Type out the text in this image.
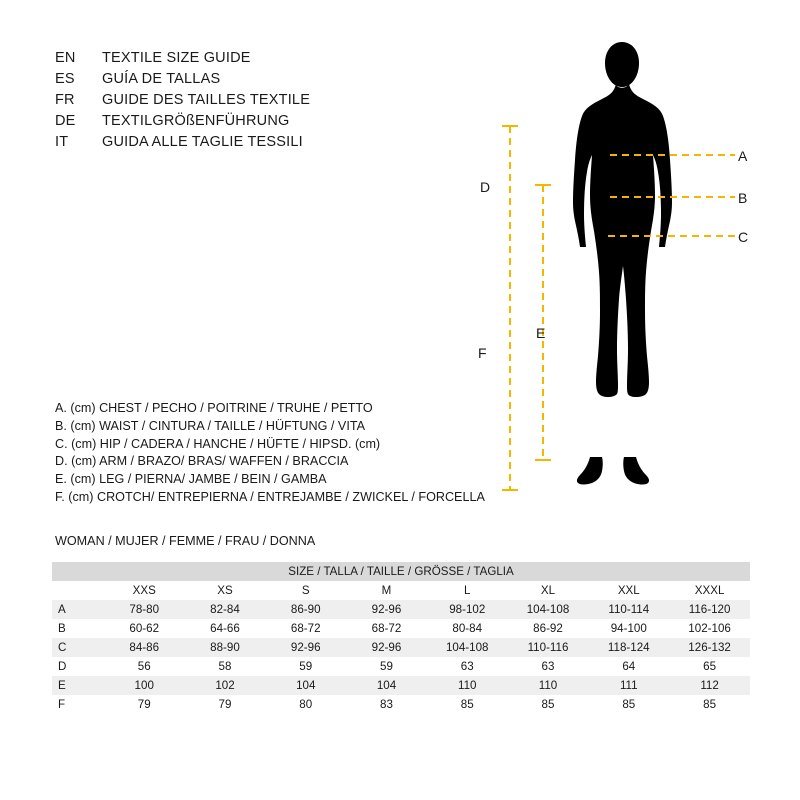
EN	TEXTILE SIZE GUIDE
ES	GUÍA DE TALLAS
FR	GUIDE DES TAILLES TEXTILE
DE	TEXTILGRÖßENFÜHRUNG
IT	GUIDA ALLE TAGLIE TESSILI
A. (cm) CHEST / PECHO / POITRINE / TRUHE / PETTO
B. (cm) WAIST / CINTURA / TAILLE / HÜFTUNG / VITA
C. (cm) HIP / CADERA / HANCHE / HÜFTE / HIPSD. (cm)
D. (cm) ARM / BRAZO/ BRAS/ WAFFEN / BRACCIA
E. (cm) LEG / PIERNA/ JAMBE / BEIN / GAMBA
F. (cm) CROTCH/ ENTREPIERNA / ENTREJAMBE / ZWICKEL / FORCELLA
WOMAN / MUJER / FEMME / FRAU / DONNA
A
B
C
D
E
F
SIZE / TALLA / TAILLE / GRÖSSE / TAGLIA								
	XXS	XS	S	M	L	XL	XXL	XXXL
A	78-80	82-84	86-90	92-96	98-102	104-108	110-114	116-120
B	60-62	64-66	68-72	68-72	80-84	86-92	94-100	102-106
C	84-86	88-90	92-96	92-96	104-108	110-116	118-124	126-132
D	56	58	59	59	63	63	64	65
E	100	102	104	104	110	110	111	112
F	79	79	80	83	85	85	85	85
